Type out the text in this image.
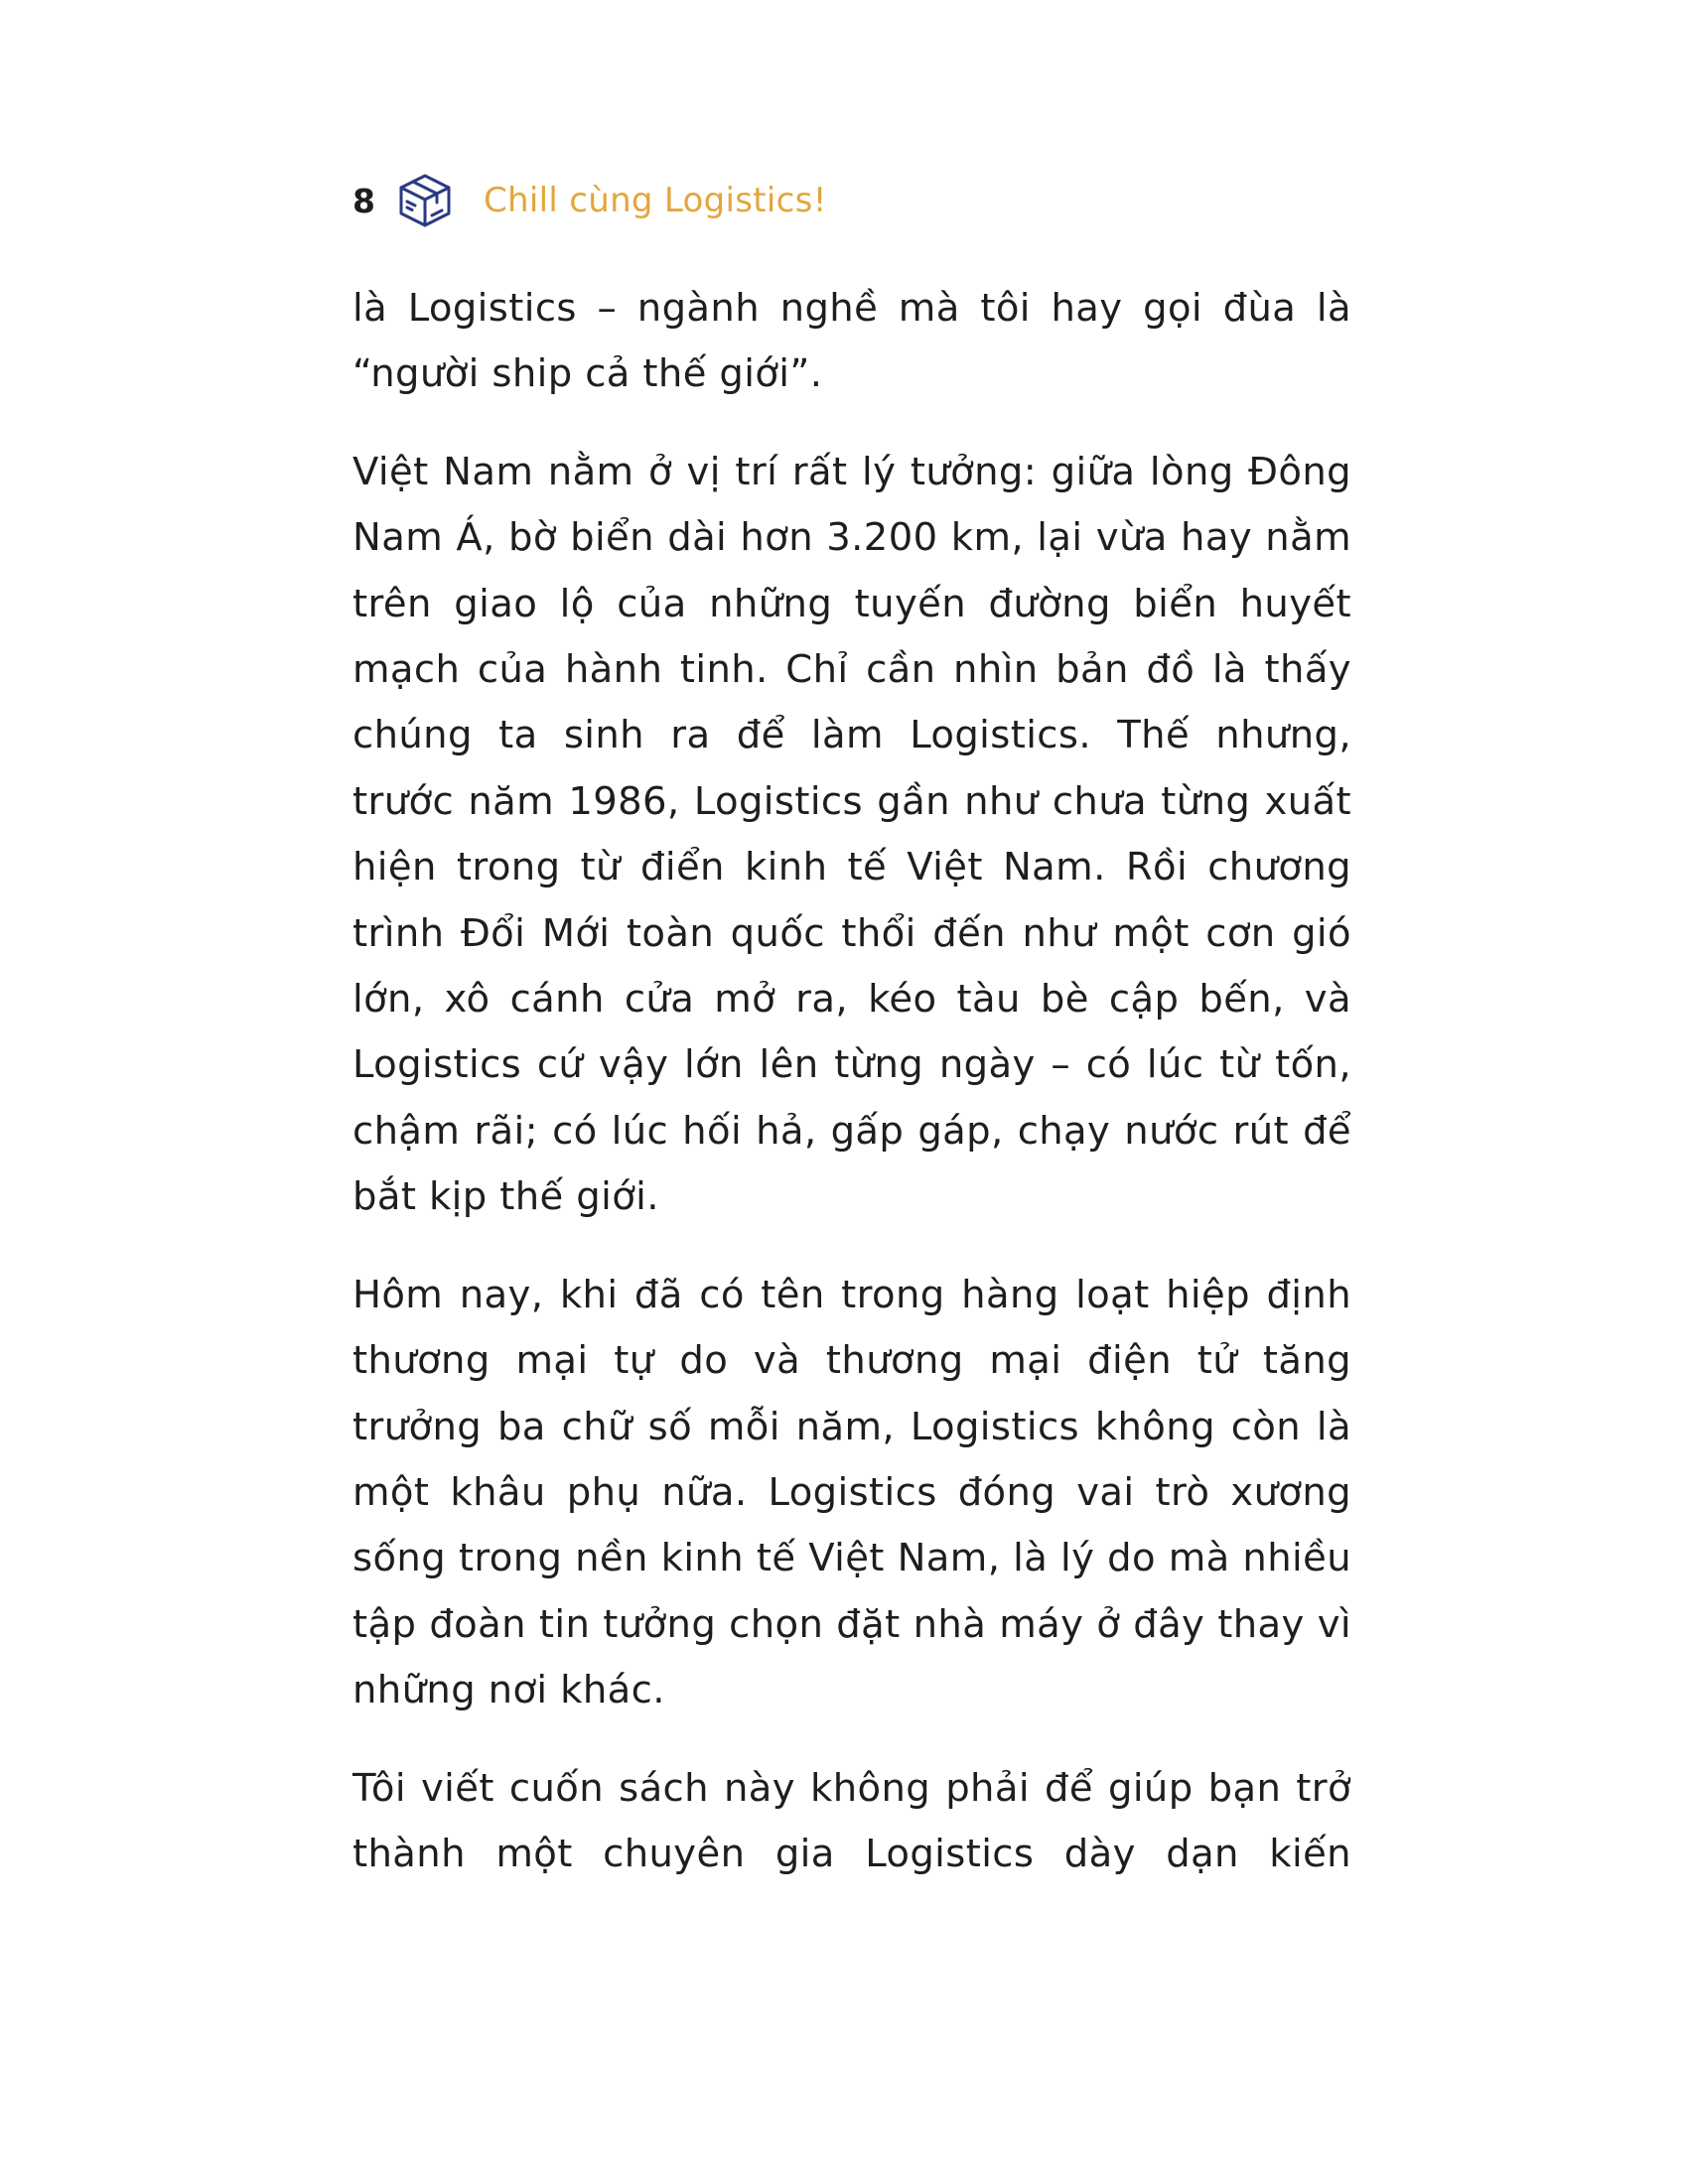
8	Chill cùng Logistics!

là Logistics – ngành nghề mà tôi hay gọi đùa là “người ship cả thế giới”.

Việt Nam nằm ở vị trí rất lý tưởng: giữa lòng Đông Nam Á, bờ biển dài hơn 3.200 km, lại vừa hay nằm trên giao lộ của những tuyến đường biển huyết mạch của hành tinh. Chỉ cần nhìn bản đồ là thấy chúng ta sinh ra để làm Logistics. Thế nhưng, trước năm 1986, Logistics gần như chưa từng xuất hiện trong từ điển kinh tế Việt Nam. Rồi chương trình Đổi Mới toàn quốc thổi đến như một cơn gió lớn, xô cánh cửa mở ra, kéo tàu bè cập bến, và Logistics cứ vậy lớn lên từng ngày – có lúc từ tốn, chậm rãi; có lúc hối hả, gấp gáp, chạy nước rút để bắt kịp thế giới.

Hôm nay, khi đã có tên trong hàng loạt hiệp định thương mại tự do và thương mại điện tử tăng trưởng ba chữ số mỗi năm, Logistics không còn là một khâu phụ nữa. Logistics đóng vai trò xương sống trong nền kinh tế Việt Nam, là lý do mà nhiều tập đoàn tin tưởng chọn đặt nhà máy ở đây thay vì những nơi khác.

Tôi viết cuốn sách này không phải để giúp bạn trở thành một chuyên gia Logistics dày dạn kiến
